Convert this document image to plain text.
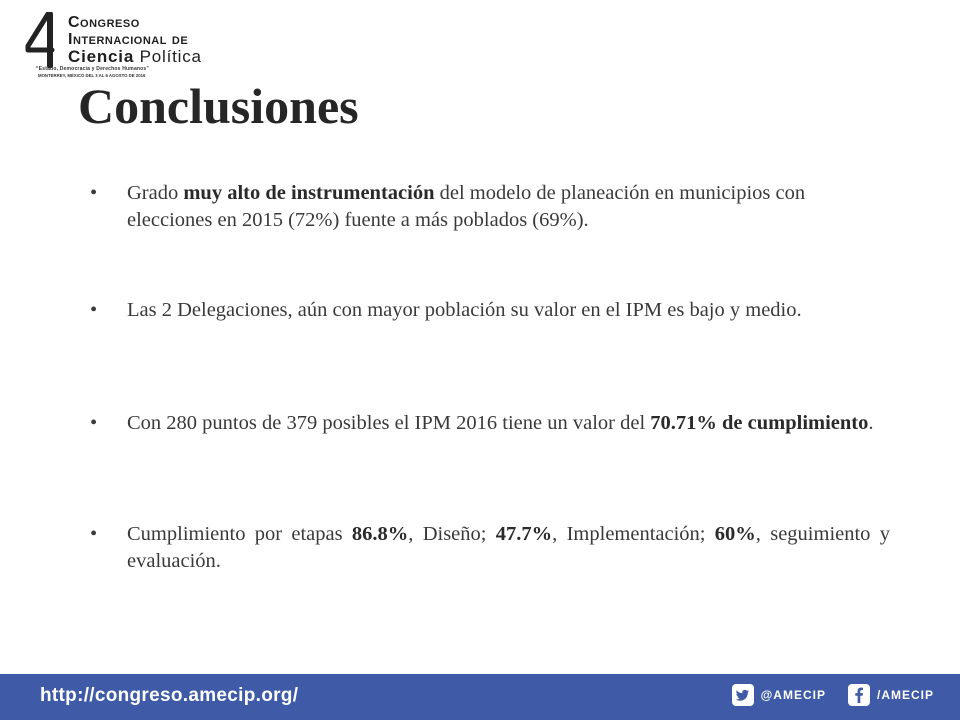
Congreso
Internacional de
Ciencia Política
“Estado, Democracia y Derechos Humanos”
MONTERREY, MÉXICO DEL 3 AL 6 AGOSTO DE 2016
Conclusiones
•	Grado muy alto de instrumentación del modelo de planeación en municipios con elecciones en 2015 (72%) fuente a más poblados (69%).
•	Las 2 Delegaciones, aún con mayor población su valor en el IPM es bajo y medio.
•	Con 280 puntos de 379 posibles el IPM 2016 tiene un valor del 70.71% de cumplimiento.
•	Cumplimiento por etapas 86.8%, Diseño; 47.7%, Implementación; 60%, seguimiento y evaluación.
http://congreso.amecip.org/	@AMECIP	/AMECIP
